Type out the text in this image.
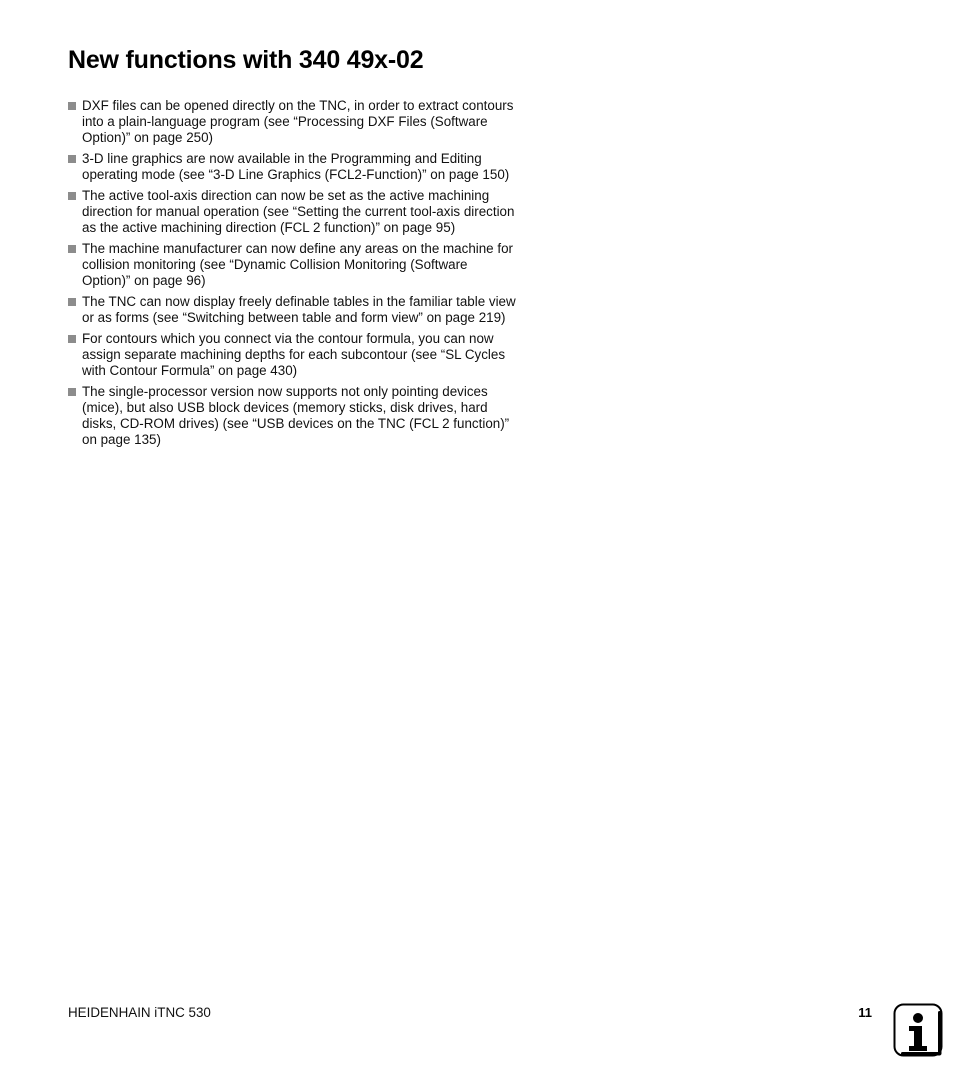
New functions with 340 49x-02
DXF files can be opened directly on the TNC, in order to extract contours into a plain-language program (see “Processing DXF Files (Software Option)” on page 250)
3-D line graphics are now available in the Programming and Editing operating mode (see “3-D Line Graphics (FCL2-Function)” on page 150)
The active tool-axis direction can now be set as the active machining direction for manual operation (see “Setting the current tool-axis direction as the active machining direction (FCL 2 function)” on page 95)
The machine manufacturer can now define any areas on the machine for collision monitoring (see “Dynamic Collision Monitoring (Software Option)” on page 96)
The TNC can now display freely definable tables in the familiar table view or as forms (see “Switching between table and form view” on page 219)
For contours which you connect via the contour formula, you can now assign separate machining depths for each subcontour (see “SL Cycles with Contour Formula” on page 430)
The single-processor version now supports not only pointing devices (mice), but also USB block devices (memory sticks, disk drives, hard disks, CD-ROM drives) (see “USB devices on the TNC (FCL 2 function)” on page 135)
HEIDENHAIN iTNC 530	11
